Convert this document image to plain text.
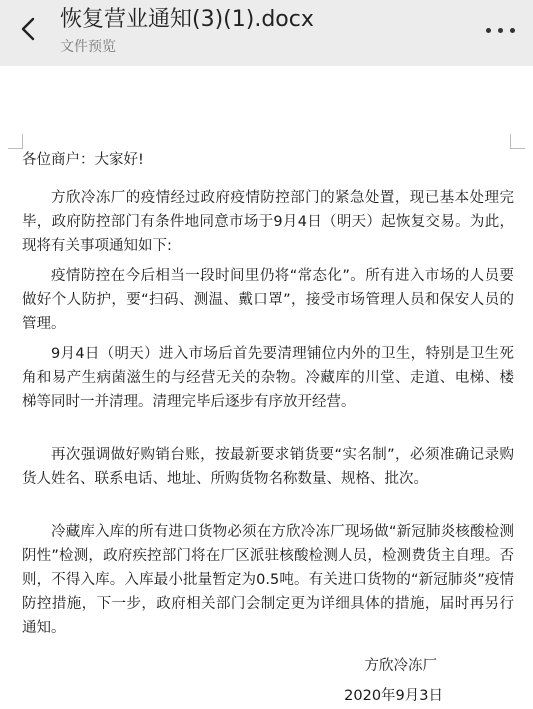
恢复营业通知(3)(1).docx
文件预览
各位商户：大家好!

方欣冷冻厂的疫情经过政府疫情防控部门的紧急处置，现已基本处理完毕，政府防控部门有条件地同意市场于9月4日（明天）起恢复交易。为此，现将有关事项通知如下:

疫情防控在今后相当一段时间里仍将“常态化”。所有进入市场的人员要做好个人防护，要“扫码、测温、戴口罩”，接受市场管理人员和保安人员的管理。

9月4日（明天）进入市场后首先要清理铺位内外的卫生，特别是卫生死角和易产生病菌滋生的与经营无关的杂物。冷藏库的川堂、走道、电梯、楼梯等同时一并清理。清理完毕后逐步有序放开经营。

再次强调做好购销台账，按最新要求销货要“实名制”，必须准确记录购货人姓名、联系电话、地址、所购货物名称数量、规格、批次。

冷藏库入库的所有进口货物必须在方欣冷冻厂现场做“新冠肺炎核酸检测阴性”检测，政府疾控部门将在厂区派驻核酸检测人员，检测费货主自理。否则，不得入库。入库最小批量暂定为0.5吨。有关进口货物的“新冠肺炎”疫情防控措施，下一步，政府相关部门会制定更为详细具体的措施，届时再另行通知。

方欣冷冻厂
2020年9月3日
